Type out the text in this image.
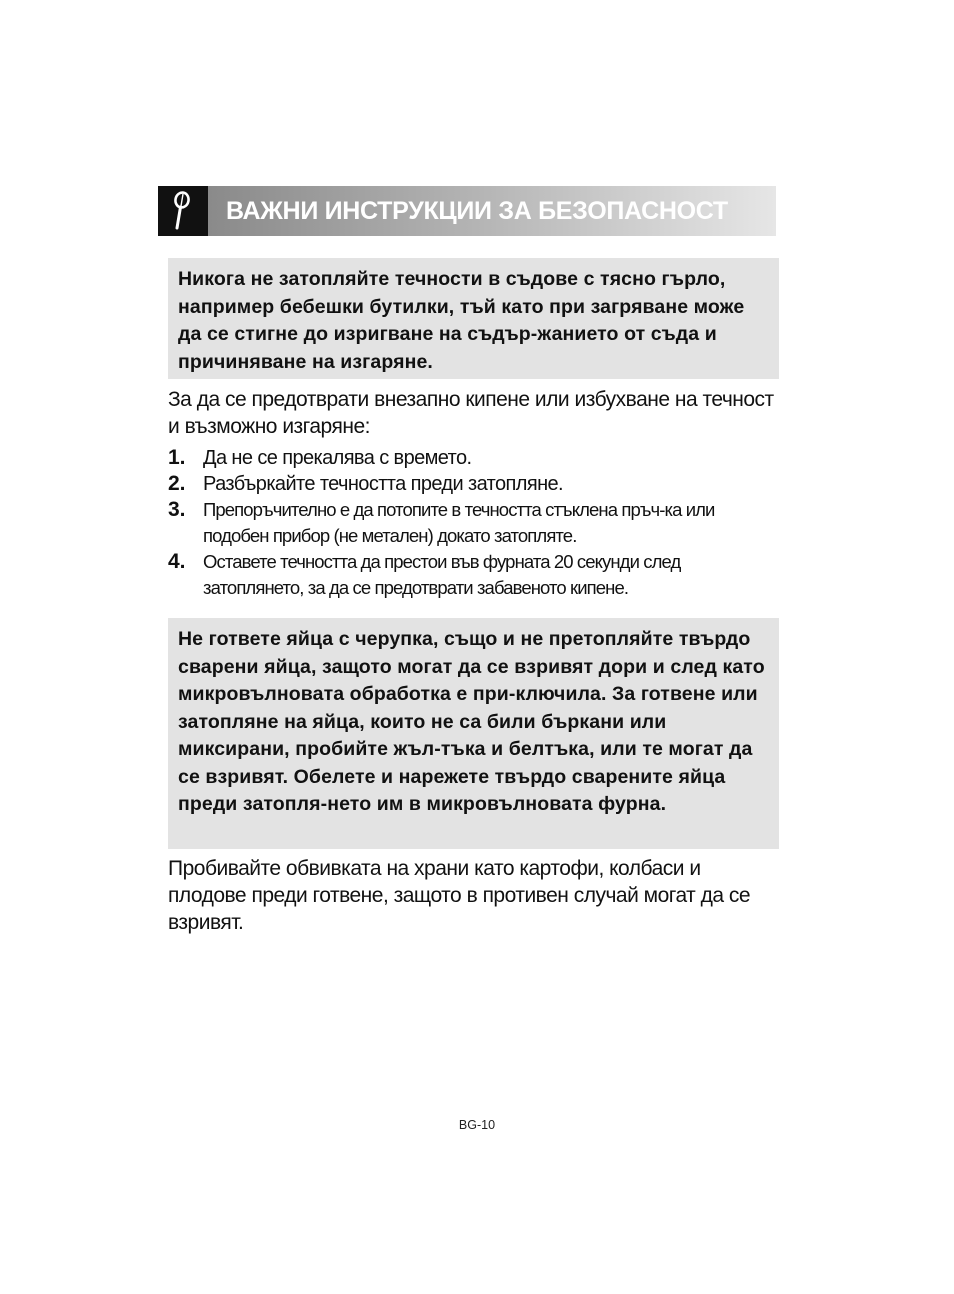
ВАЖНИ ИНСТРУКЦИИ ЗА БЕЗОПАСНОСТ
Никога не затопляйте течности в съдове с тясно гърло, например бебешки бутилки, тъй като при загряване може да се стигне до изригване на съдър-жанието от съда и причиняване на изгаряне.
За да се предотврати внезапно кипене или избухване на течност и възможно изгаряне:
1. Да не се прекалява с времето.
2. Разбъркайте течността преди затопляне.
3. Препоръчително е да потопите в течността стъклена пръч-ка или подобен прибор (не метален) докато затопляте.
4. Оставете течността да престои във фурната 20 секунди след затоплянето, за да се предотврати забавеното кипене.
Не гответе яйца с черупка, също и не претопляйте твърдо сварени яйца, защото могат да се взривят дори и след като микровълновата обработка е при-ключила. За готвене или затопляне на яйца, които не са били бъркани или миксирани, пробийте жъл-тъка и белтъка, или те могат да се взривят. Обелете и нарежете твърдо сварените яйца преди затопля-нето им в микровълновата фурна.
Пробивайте обвивката на храни като картофи, колбаси и плодове преди готвене, защото в противен случай могат да се взривят.
BG-10
